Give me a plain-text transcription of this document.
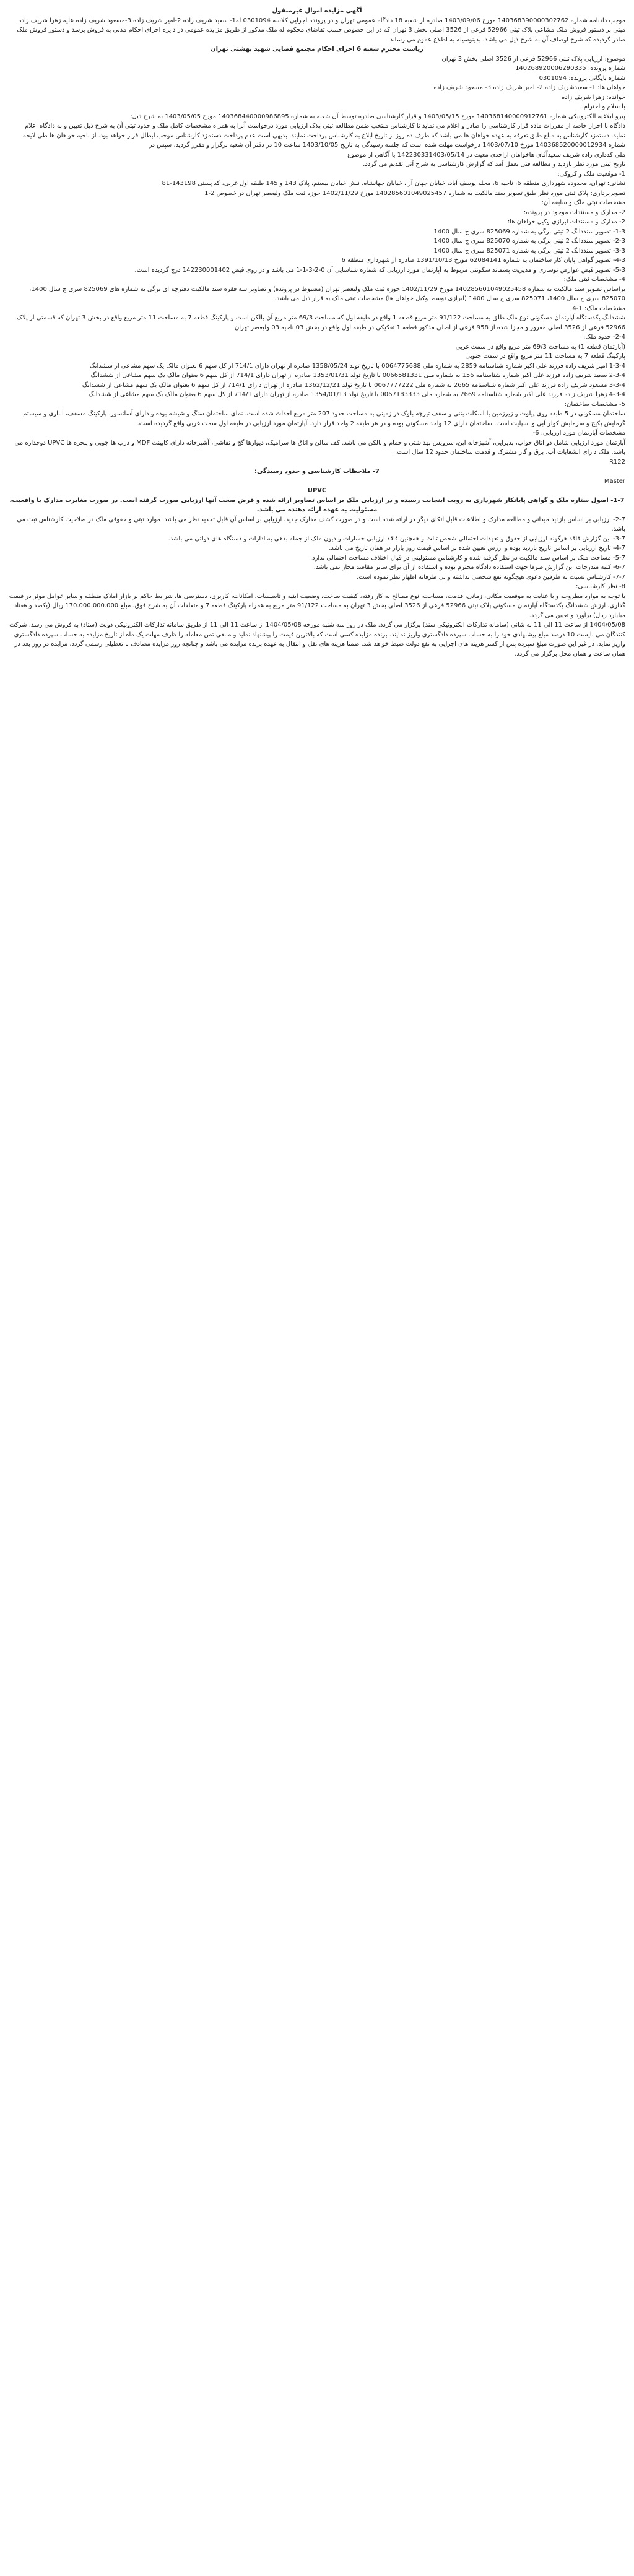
آگهی مزایده اموال غیرمنقول
موجب دادنامه شماره 140368390000302762 مورخ 1403/09/06 صادره از شعبه 18 دادگاه عمومی تهران و در پرونده اجرایی کلاسه 0301094 له1- سعید شریف زاده 2-امیر شریف زاده 3-مسعود شریف زاده علیه زهرا شریف زاده مبنی بر دستور فروش ملک مشاعی پلاک ثبتی 52966 فرعی از 3526 اصلی بخش 3 تهران که در این خصوص حسب تقاضای محکوم له ملک مذکور از طریق مزایده عمومی در دایره اجرای احکام مدنی به فروش برسد و دستور فروش ملک صادر گردیده که شرح اوصاف آن به شرح ذیل می باشد. بدینوسیله به اطلاع عموم می رساند
ریاست محترم شعبه 6 اجرای احکام مجتمع قضایی شهید بهشتی تهران
موضوع: ارزیابی پلاک ثبتی 52966 فرعی از 3526 اصلی بخش 3 تهران
شماره پرونده: 140268920006290335
شماره بایگانی پرونده: 0301094
خواهان ها: 1- سعیدشریف زاده 2- امیر شریف زاده 3- مسعود شریف زاده
خوانده: زهرا شریف زاده
با سلام و احترام،
پیرو ابلاغیه الکترونیکی شماره 140368140000912761 مورخ 1403/05/15 و قرار کارشناسی صادره توسط آن شعبه به شماره 140368440000986895 مورخ 1403/05/05 به شرح ذیل:
دادگاه با احراز خاصه از مقررات ماده قرار کارشناسی را صادر و اعلام می نماید تا کارشناس منتخب ضمن مطالعه ثبتی پلاک ارزیابی مورد درخواست آنرا به همراه مشخصات کامل ملک و حدود ثبتی آن به شرح ذیل تعیین و به دادگاه اعلام نماید. دستمزد کارشناس به مبلغ طبق تعرفه به عهده خواهان ها می باشد که ظرف ده روز از تاریخ ابلاغ به کارشناس پرداخت نمایند. بدیهی است عدم پرداخت دستمزد کارشناس موجب ابطال قرار خواهد بود. از ناحیه خواهان ها طی لایحه شماره 140368520000012934 مورخ 1403/07/10 درخواست مهلت شده است که جلسه رسیدگی به تاریخ 1403/10/05 ساعت 10 در دفتر آن شعبه برگزار و مقرر گردید. سپس در
ملی کدداری زاده شریف سعیدآقای هاخواهان ازاحدی معیت در 142230331403/05/14 با آگاهی از موضوع
تاریخ ثبتی مورد نظر بازدید و مطالعه فنی بعمل آمد که گزارش کارشناسی به شرح آتی تقدیم می گردد.
1- موقعیت ملک و کروکی:
نشانی: تهران، محدوده شهرداری منطقه 6، ناحیه 6، محله یوسف آباد، خیابان جهان آرا، خیابان جهانشاه، نبش خیابان بیستم، پلاک 143 و 145 طبقه اول غربی، کد پستی 143198-81
تصویربرداری: پلاک ثبتی مورد نظر طبق تصویر سند مالکیت به شماره 140285601049025457 مورخ 1402/11/29 حوزه ثبت ملک ولیعصر تهران در خصوص 2-1
مشخصات ثبتی ملک و سابقه آن:
2- مدارک و مستندات موجود در پرونده:
2- مدارک و مستندات ابرازی وکیل خواهان ها:
1-3- تصویر سنددانگ 2 ثبتی برگی به شماره 825069 سری ج سال 1400
2-3- تصویر سنددانگ 2 ثبتی برگی به شماره 825070 سری ج سال 1400
3-3- تصویر سنددانگ 2 ثبتی برگی به شماره 825071 سری ج سال 1400
4-3- تصویر گواهی پایان کار ساختمان به شماره 62084141 مورخ 1391/10/13 صادره از شهرداری منطقه 6
5-3- تصویر قبض عوارض نوسازی و مدیریت پسماند سکونتی مربوط به آپارتمان مورد ارزیابی که شماره شناسایی آن 0-2-3-1-1 می باشد و در روی قبض 142230001402 درج گردیده است.
4- مشخصات ثبتی ملک:
براساس تصویر سند مالکیت به شماره 140285601049025458 مورخ 1402/11/29 حوزه ثبت ملک ولیعصر تهران (مضبوط در پرونده) و تصاویر سه فقره سند مالکیت دفترچه ای برگی به شماره های 825069 سری ج سال 1400، 825070 سری ج سال 1400، 825071 سری ج سال 1400 (ابرازی توسط وکیل خواهان ها) مشخصات ثبتی ملک به قرار ذیل می باشد.
مشخصات ملک: 1-4
ششدانگ یکدستگاه آپارتمان مسکونی نوع ملک طلق به مساحت 91/122 متر مربع قطعه 1 واقع در طبقه اول که مساحت 69/3 متر مربع آن بالکن است و پارکینگ قطعه 7 به مساحت 11 متر مربع واقع در بخش 3 تهران که قسمتی از پلاک 52966 فرعی از 3526 اصلی مفروز و مجزا شده از 958 فرعی از اصلی مذکور قطعه 1 تفکیکی در طبقه اول واقع در بخش 03 ناحیه 03 ولیعصر تهران
2-4- حدود ملک:
(آپارتمان قطعه 1) به مساحت 69/3 متر مربع واقع در سمت غربی
پارکینگ قطعه 7 به مساحت 11 متر مربع واقع در سمت جنوبی
1-3-4 امیر شریف زاده فرزند علی اکبر شماره شناسنامه 2859 به شماره ملی 0064775688 با تاریخ تولد 1358/05/24 صادره از تهران دارای 714/1 از کل سهم 6 بعنوان مالک یک سهم مشاعی از ششدانگ
2-3-4 سعید شریف زاده فرزند علی اکبر شماره شناسنامه 156 به شماره ملی 0066581331 با تاریخ تولد 1353/01/31 صادره از تهران دارای 714/1 از کل سهم 6 بعنوان مالک یک سهم مشاعی از ششدانگ
3-3-4 مسعود شریف زاده فرزند علی اکبر شماره شناسنامه 2665 به شماره ملی 0067777222 با تاریخ تولد 1362/12/21 صادره از تهران دارای 714/1 از کل سهم 6 بعنوان مالک یک سهم مشاعی از ششدانگ
4-3-4 زهرا شریف زاده فرزند علی اکبر شماره شناسنامه 2669 به شماره ملی 0067183333 با تاریخ تولد 1354/01/13 صادره از تهران دارای 714/1 از کل سهم 6 بعنوان مالک یک سهم مشاعی از ششدانگ
5- مشخصات ساختمان:
ساختمان مسکونی در 5 طبقه روی پیلوت و زیرزمین با اسکلت بتنی و سقف تیرچه بلوک در زمینی به مساحت حدود 207 متر مربع احداث شده است. نمای ساختمان سنگ و شیشه بوده و دارای آسانسور، پارکینگ مسقف، انباری و سیستم گرمایش پکیج و سرمایش کولر آبی و اسپلیت است. ساختمان دارای 12 واحد مسکونی بوده و در هر طبقه 2 واحد قرار دارد. آپارتمان مورد ارزیابی در طبقه اول سمت غربی واقع گردیده است.
مشخصات آپارتمان مورد ارزیابی: 6-
آپارتمان مورد ارزیابی شامل دو اتاق خواب، پذیرایی، آشپزخانه اپن، سرویس بهداشتی و حمام و بالکن می باشد. کف سالن و اتاق ها سرامیک، دیوارها گچ و نقاشی، آشپزخانه دارای کابینت MDF و درب ها چوبی و پنجره ها UPVC دوجداره می باشد. ملک دارای انشعابات آب، برق و گاز مشترک و قدمت ساختمان حدود 12 سال است.
R122
7- ملاحظات کارشناسی و حدود رسیدگی:
Master
UPVC
1-7- اصول ستاره ملک و گواهی پایانکار شهرداری به رویت اینجانب رسیده و در ارزیابی ملک بر اساس تصاویر ارائه شده و فرض صحت آنها ارزیابی صورت گرفته است. در صورت مغایرت مدارک با واقعیت، مسئولیت به عهده ارائه دهنده می باشد.
2-7- ارزیابی بر اساس بازدید میدانی و مطالعه مدارک و اطلاعات قابل اتکای دیگر در ارائه شده است و در صورت کشف مدارک جدید، ارزیابی بر اساس آن قابل تجدید نظر می باشد. موارد ثبتی و حقوقی ملک در صلاحیت کارشناس ثبت می باشد.
3-7- این گزارش فاقد هرگونه ارزیابی از حقوق و تعهدات احتمالی شخص ثالث و همچنین فاقد ارزیابی خسارات و دیون ملک از جمله بدهی به ادارات و دستگاه های دولتی می باشد.
4-7- تاریخ ارزیابی بر اساس تاریخ بازدید بوده و ارزش تعیین شده بر اساس قیمت روز بازار در همان تاریخ می باشد.
5-7- مساحت ملک بر اساس سند مالکیت در نظر گرفته شده و کارشناس مسئولیتی در قبال اختلاف مساحت احتمالی ندارد.
6-7- کلیه مندرجات این گزارش صرفا جهت استفاده دادگاه محترم بوده و استفاده از آن برای سایر مقاصد مجاز نمی باشد.
7-7- کارشناس نسبت به طرفین دعوی هیچگونه نفع شخصی نداشته و بی طرفانه اظهار نظر نموده است.
8- نظر کارشناسی:
با توجه به موارد مطروحه و با عنایت به موقعیت مکانی، زمانی، قدمت، مساحت، نوع مصالح به کار رفته، کیفیت ساخت، وضعیت ابنیه و تاسیسات، امکانات، کاربری، دسترسی ها، شرایط حاکم بر بازار املاک منطقه و سایر عوامل موثر در قیمت گذاری، ارزش ششدانگ یکدستگاه آپارتمان مسکونی پلاک ثبتی 52966 فرعی از 3526 اصلی بخش 3 تهران به مساحت 91/122 متر مربع به همراه پارکینگ قطعه 7 و متعلقات آن به شرح فوق، مبلغ 170.000.000.000 ریال (یکصد و هفتاد میلیارد ریال) برآورد و تعیین می گردد.
1404/05/08 از ساعت 11 الی 11 به شانی (سامانه تدارکات الکترونیکی سند) برگزار می گردد. ملک در روز سه شنبه مورخه 1404/05/08 از ساعت 11 الی 11 از طریق سامانه تدارکات الکترونیکی دولت (ستاد) به فروش می رسد. شرکت کنندگان می بایست 10 درصد مبلغ پیشنهادی خود را به حساب سپرده دادگستری واریز نمایند. برنده مزایده کسی است که بالاترین قیمت را پیشنهاد نماید و مابقی ثمن معامله را ظرف مهلت یک ماه از تاریخ مزایده به حساب سپرده دادگستری واریز نماید. در غیر این صورت مبلغ سپرده پس از کسر هزینه های اجرایی به نفع دولت ضبط خواهد شد. ضمنا هزینه های نقل و انتقال به عهده برنده مزایده می باشد و چنانچه روز مزایده مصادف با تعطیلی رسمی گردد، مزایده در روز بعد در همان ساعت و همان محل برگزار می گردد.
